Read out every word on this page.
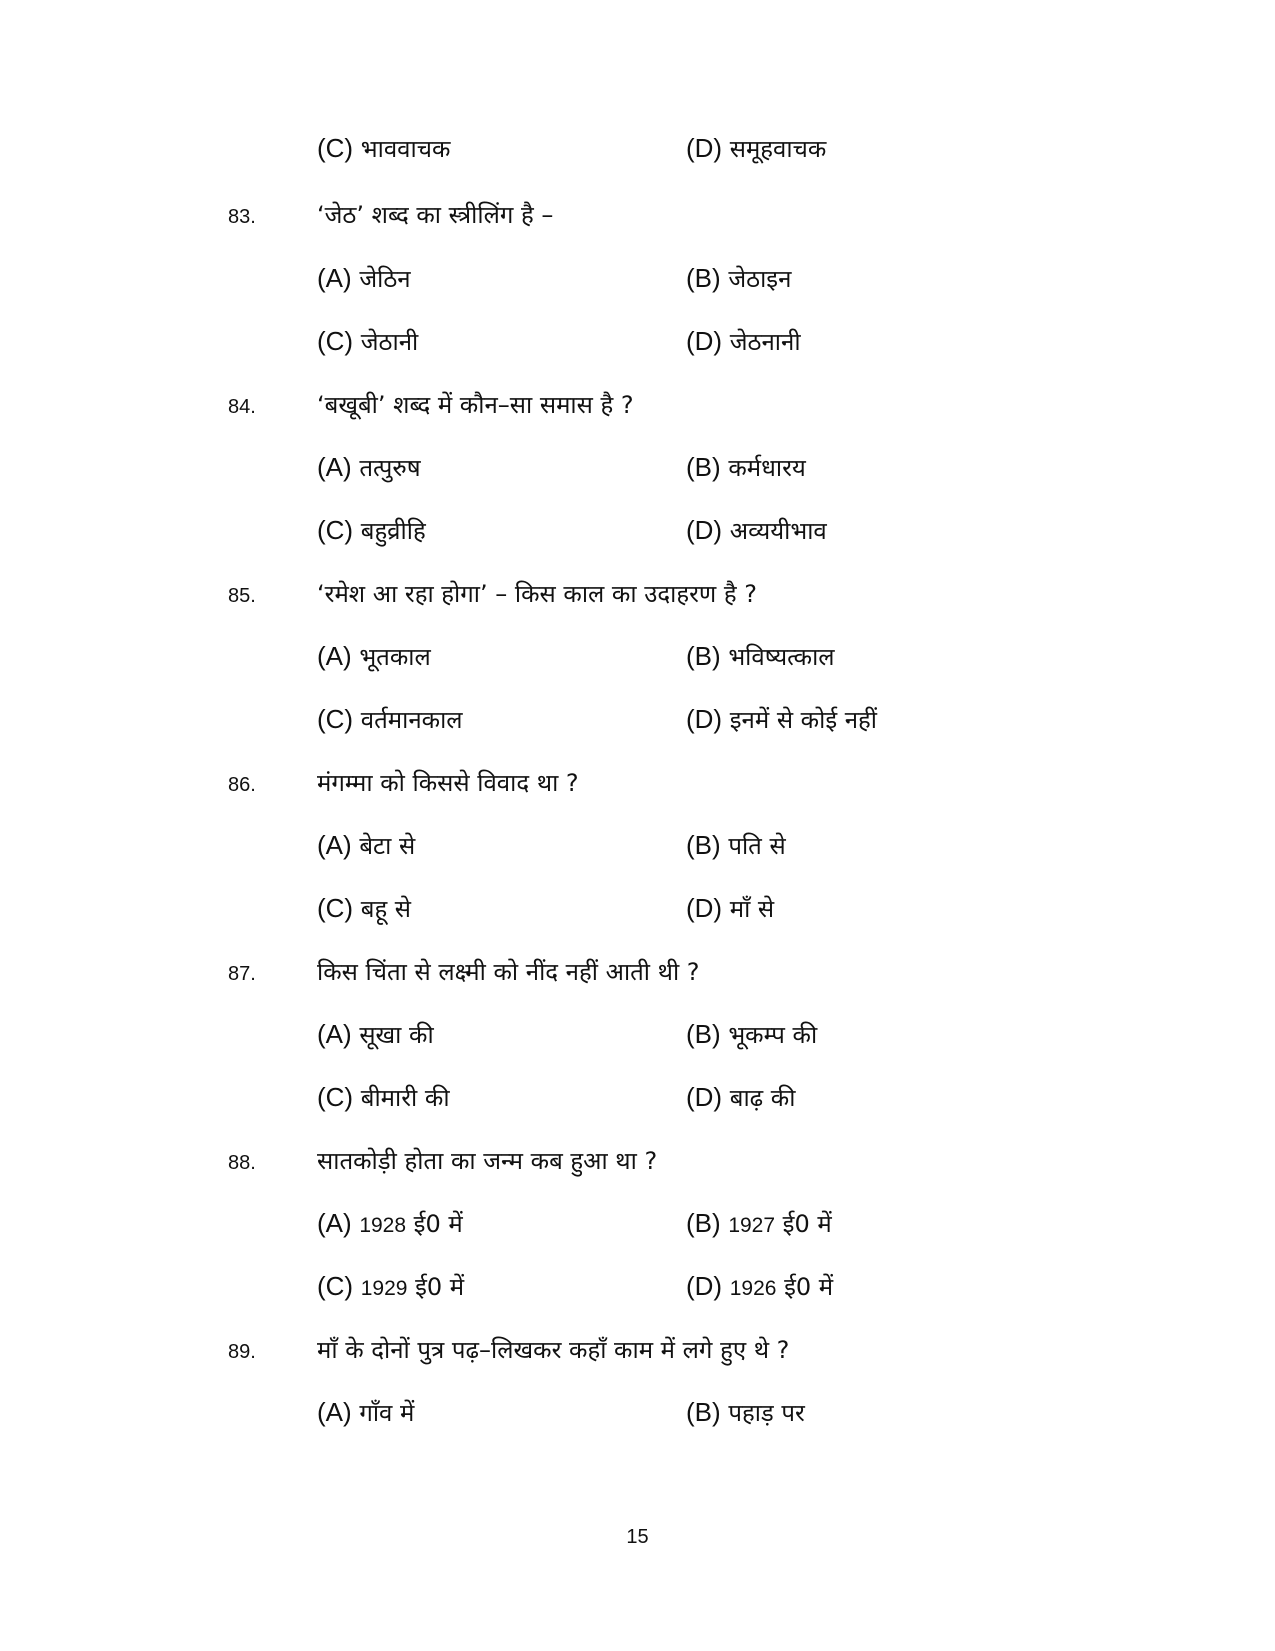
(C) भाववाचक	(D) समूहवाचक
83.	‘जेठ’ शब्द का स्त्रीलिंग है –
(A) जेठिन	(B) जेठाइन
(C) जेठानी	(D) जेठनानी
84.	‘बखूबी’ शब्द में कौन–सा समास है ?
(A) तत्पुरुष	(B) कर्मधारय
(C) बहुव्रीहि	(D) अव्ययीभाव
85.	‘रमेश आ रहा होगा’ – किस काल का उदाहरण है ?
(A) भूतकाल	(B) भविष्यत्काल
(C) वर्तमानकाल	(D) इनमें से कोई नहीं
86.	मंगम्मा को किससे विवाद था ?
(A) बेटा से	(B) पति से
(C) बहू से	(D) माँ से
87.	किस चिंता से लक्ष्मी को नींद नहीं आती थी ?
(A) सूखा की	(B) भूकम्प की
(C) बीमारी की	(D) बाढ़ की
88.	सातकोड़ी होता का जन्म कब हुआ था ?
(A) 1928 ई0 में	(B) 1927 ई0 में
(C) 1929 ई0 में	(D) 1926 ई0 में
89.	माँ के दोनों पुत्र पढ़–लिखकर कहाँ काम में लगे हुए थे ?
(A) गाँव में	(B) पहाड़ पर
15
